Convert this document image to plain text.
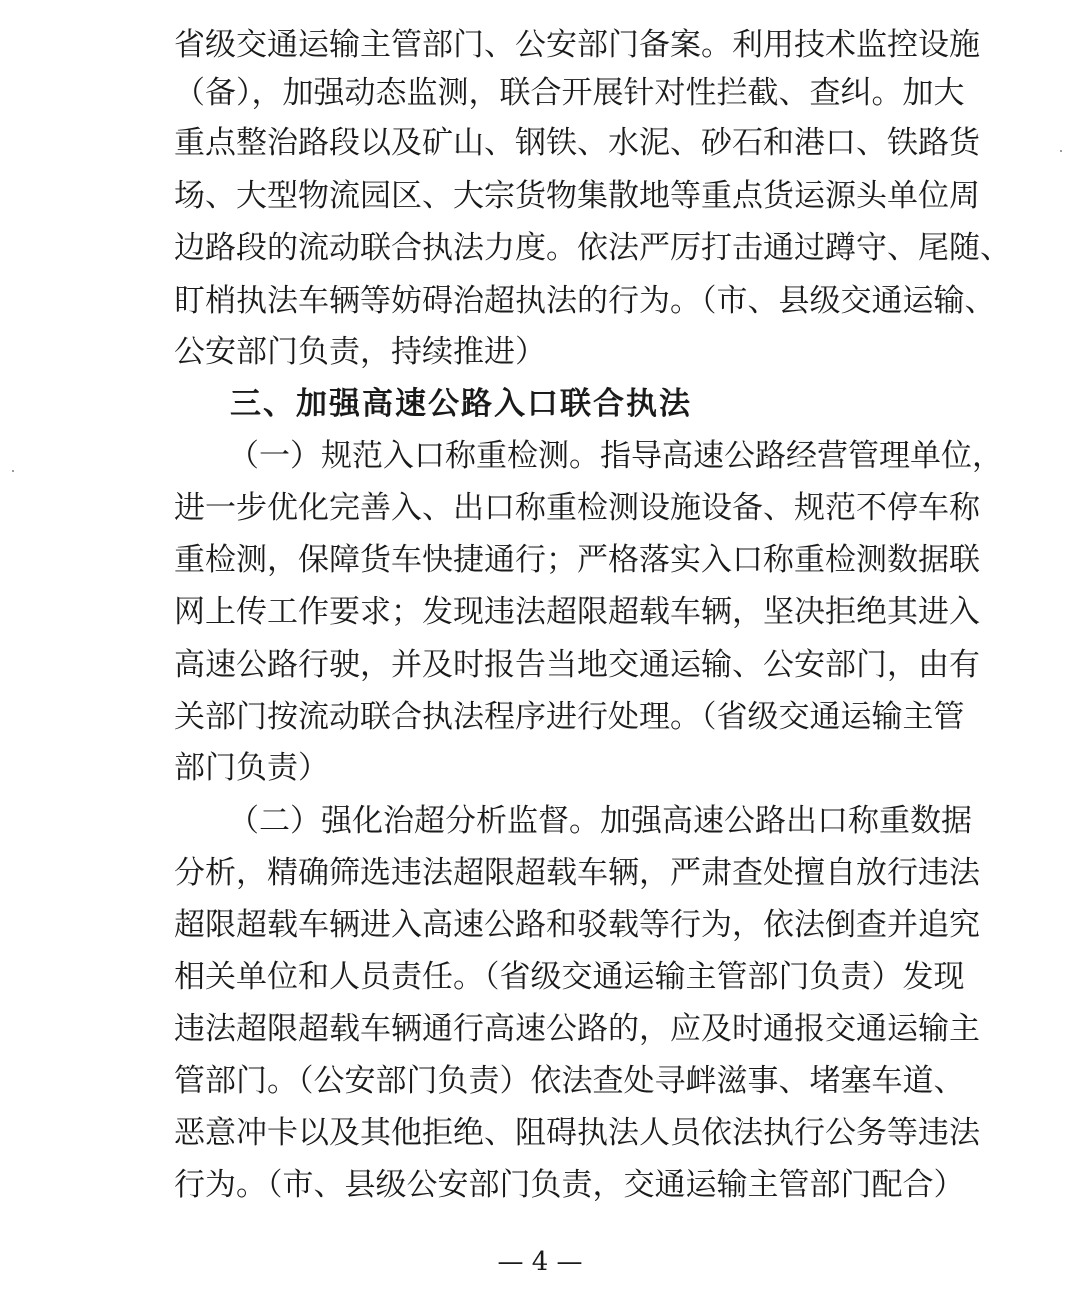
省级交通运输主管部门、公安部门备案。利用技术监控设施
（备），加强动态监测，联合开展针对性拦截、查纠。加大
重点整治路段以及矿山、钢铁、水泥、砂石和港口、铁路货
场、大型物流园区、大宗货物集散地等重点货运源头单位周
边路段的流动联合执法力度。依法严厉打击通过蹲守、尾随、
盯梢执法车辆等妨碍治超执法的行为。（市、县级交通运输、
公安部门负责，持续推进）
三、加强高速公路入口联合执法
（一）规范入口称重检测。指导高速公路经营管理单位，
进一步优化完善入、出口称重检测设施设备、规范不停车称
重检测，保障货车快捷通行；严格落实入口称重检测数据联
网上传工作要求；发现违法超限超载车辆，坚决拒绝其进入
高速公路行驶，并及时报告当地交通运输、公安部门，由有
关部门按流动联合执法程序进行处理。（省级交通运输主管
部门负责）
（二）强化治超分析监督。加强高速公路出口称重数据
分析，精确筛选违法超限超载车辆，严肃查处擅自放行违法
超限超载车辆进入高速公路和驳载等行为，依法倒查并追究
相关单位和人员责任。（省级交通运输主管部门负责）发现
违法超限超载车辆通行高速公路的，应及时通报交通运输主
管部门。（公安部门负责）依法查处寻衅滋事、堵塞车道、
恶意冲卡以及其他拒绝、阻碍执法人员依法执行公务等违法
行为。（市、县级公安部门负责，交通运输主管部门配合）
— 4 —
